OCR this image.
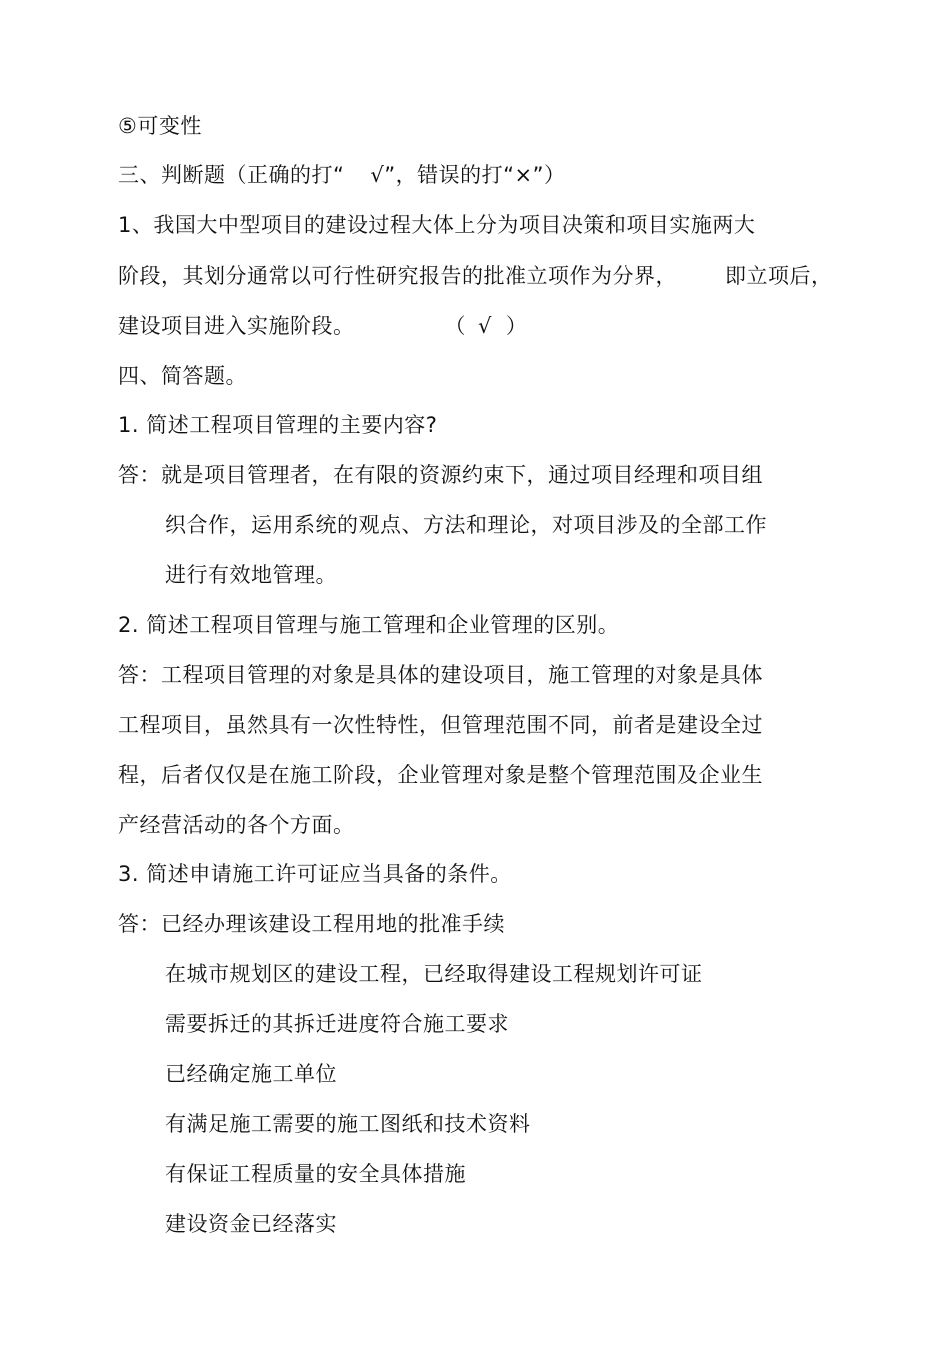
⑤可变性
三、判断题（正确的打“ √”，错误的打“×”）
1、我国大中型项目的建设过程大体上分为项目决策和项目实施两大
阶段，其划分通常以可行性研究报告的批准立项作为分界， 即立项后，
建设项目进入实施阶段。	（ √ ）
四、简答题。
1. 简述工程项目管理的主要内容?
答：就是项目管理者，在有限的资源约束下，通过项目经理和项目组
织合作，运用系统的观点、方法和理论，对项目涉及的全部工作
进行有效地管理。
2. 简述工程项目管理与施工管理和企业管理的区别。
答：工程项目管理的对象是具体的建设项目，施工管理的对象是具体
工程项目，虽然具有一次性特性，但管理范围不同，前者是建设全过
程，后者仅仅是在施工阶段，企业管理对象是整个管理范围及企业生
产经营活动的各个方面。
3. 简述申请施工许可证应当具备的条件。
答：已经办理该建设工程用地的批准手续
在城市规划区的建设工程，已经取得建设工程规划许可证
需要拆迁的其拆迁进度符合施工要求
已经确定施工单位
有满足施工需要的施工图纸和技术资料
有保证工程质量的安全具体措施
建设资金已经落实
